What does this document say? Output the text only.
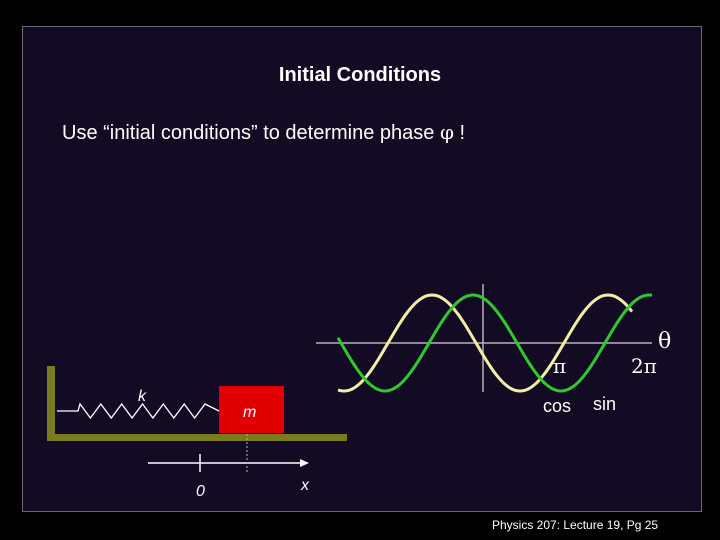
Initial Conditions
Use “initial conditions” to determine phase φ !
π	2π
θ
cos sin
k
m
0	x
Physics 207: Lecture 19, Pg 25
